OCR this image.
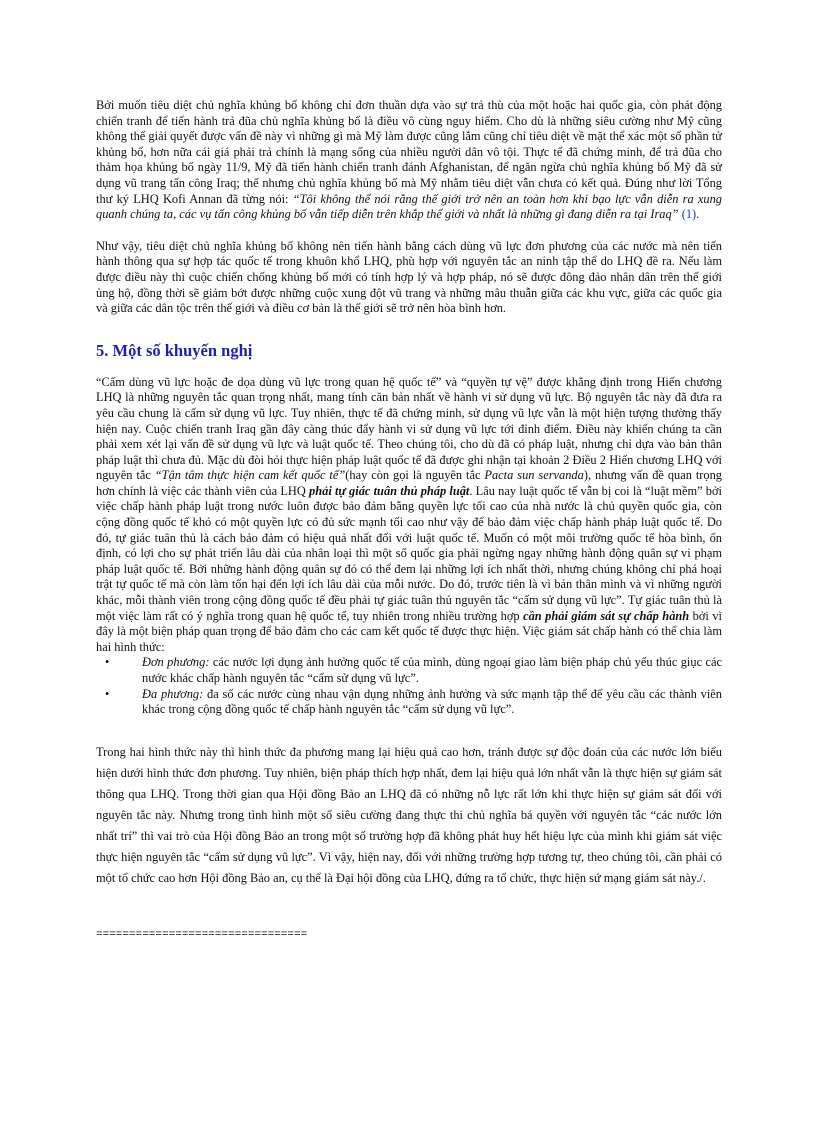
Bởi muốn tiêu diệt chủ nghĩa khủng bố không chỉ đơn thuần dựa vào sự trả thù của một hoặc hai quốc gia, còn phát động chiến tranh để tiến hành trả đũa chủ nghĩa khủng bố là điều vô cùng nguy hiểm. Cho dù là những siêu cường như Mỹ cũng không thể giải quyết được vấn đề này vì những gì mà Mỹ làm được cũng lắm cũng chỉ tiêu diệt về mặt thể xác một số phần tử khủng bố, hơn nữa cái giá phải trả chính là mạng sống của nhiều người dân vô tội. Thực tế đã chứng minh, để trả đũa cho thảm họa khủng bố ngày 11/9, Mỹ đã tiến hành chiến tranh đánh Afghanistan, để ngăn ngừa chủ nghĩa khủng bố Mỹ đã sử dụng vũ trang tấn công Iraq; thế nhưng chủ nghĩa khủng bố mà Mỹ nhằm tiêu diệt vẫn chưa có kết quả. Đúng như lời Tổng thư ký LHQ Kofi Annan đã từng nói: “Tôi không thể nói rằng thế giới trở nên an toàn hơn khi bạo lực vẫn diễn ra xung quanh chúng ta, các vụ tấn công khủng bố vẫn tiếp diễn trên khắp thế giới và nhất là những gì đang diễn ra tại Iraq” (1).

Như vậy, tiêu diệt chủ nghĩa khủng bố không nên tiến hành bằng cách dùng vũ lực đơn phương của các nước mà nên tiến hành thông qua sự hợp tác quốc tế trong khuôn khổ LHQ, phù hợp với nguyên tắc an ninh tập thể do LHQ đề ra. Nếu làm được điều này thì cuộc chiến chống khủng bố mới có tính hợp lý và hợp pháp, nó sẽ được đông đảo nhân dân trên thế giới ủng hộ, đồng thời sẽ giảm bớt được những cuộc xung đột vũ trang và những mâu thuẫn giữa các khu vực, giữa các quốc gia và giữa các dân tộc trên thế giới và điều cơ bản là thế giới sẽ trở nên hòa bình hơn.

5. Một số khuyến nghị

“Cấm dùng vũ lực hoặc đe dọa dùng vũ lực trong quan hệ quốc tế” và “quyền tự vệ” được khẳng định trong Hiến chương LHQ là những nguyên tắc quan trọng nhất, mang tính căn bản nhất về hành vi sử dụng vũ lực. Bộ nguyên tắc này đã đưa ra yêu cầu chung là cấm sử dụng vũ lực. Tuy nhiên, thực tế đã chứng minh, sử dụng vũ lực vẫn là một hiện tượng thường thấy hiện nay. Cuộc chiến tranh Iraq gần đây càng thúc đẩy hành vi sử dụng vũ lực tới đỉnh điểm. Điều này khiến chúng ta cần phải xem xét lại vấn đề sử dụng vũ lực và luật quốc tế. Theo chúng tôi, cho dù đã có pháp luật, nhưng chỉ dựa vào bản thân pháp luật thì chưa đủ. Mặc dù đòi hỏi thực hiện pháp luật quốc tế đã được ghi nhận tại khoản 2 Điều 2 Hiến chương LHQ với nguyên tắc “Tận tâm thực hiện cam kết quốc tế”(hay còn gọi là nguyên tắc Pacta sun servanda), nhưng vấn đề quan trọng hơn chính là việc các thành viên của LHQ phải tự giác tuân thủ pháp luật. Lâu nay luật quốc tế vẫn bị coi là “luật mềm” bởi việc chấp hành pháp luật trong nước luôn được bảo đảm bằng quyền lực tối cao của nhà nước là chủ quyền quốc gia, còn cộng đồng quốc tế khó có một quyền lực có đủ sức mạnh tối cao như vậy để bảo đảm việc chấp hành pháp luật quốc tế. Do đó, tự giác tuân thủ là cách bảo đảm có hiệu quả nhất đối với luật quốc tế. Muốn có một môi trường quốc tế hòa bình, ổn định, có lợi cho sự phát triển lâu dài của nhân loại thì một số quốc gia phải ngừng ngay những hành động quân sự vi phạm pháp luật quốc tế. Bởi những hành động quân sự đó có thể đem lại những lợi ích nhất thời, nhưng chúng không chỉ phá hoại trật tự quốc tế mà còn làm tổn hại đến lợi ích lâu dài của mỗi nước. Do đó, trước tiên là vì bản thân mình và vì những người khác, mỗi thành viên trong cộng đồng quốc tế đều phải tự giác tuân thủ nguyên tắc “cấm sử dụng vũ lực”. Tự giác tuân thủ là một việc làm rất có ý nghĩa trong quan hệ quốc tế, tuy nhiên trong nhiều trường hợp cần phải giám sát sự chấp hành bởi vì đây là một biện pháp quan trọng để bảo đảm cho các cam kết quốc tế được thực hiện. Việc giám sát chấp hành có thể chia làm hai hình thức:

•	Đơn phương: các nước lợi dụng ảnh hưởng quốc tế của mình, dùng ngoại giao làm biện pháp chủ yếu thúc giục các nước khác chấp hành nguyên tắc “cấm sử dụng vũ lực”.
•	Đa phương: đa số các nước cùng nhau vận dụng những ảnh hưởng và sức mạnh tập thể để yêu cầu các thành viên khác trong cộng đồng quốc tế chấp hành nguyên tắc “cấm sử dụng vũ lực”.

Trong hai hình thức này thì hình thức đa phương mang lại hiệu quả cao hơn, tránh được sự độc đoán của các nước lớn biểu hiện dưới hình thức đơn phương. Tuy nhiên, biện pháp thích hợp nhất, đem lại hiệu quả lớn nhất vẫn là thực hiện sự giám sát thông qua LHQ. Trong thời gian qua Hội đồng Bảo an LHQ đã có những nỗ lực rất lớn khi thực hiện sự giám sát đối với nguyên tắc này. Nhưng trong tình hình một số siêu cường đang thực thi chủ nghĩa bá quyền với nguyên tắc “các nước lớn nhất trí” thì vai trò của Hội đồng Bảo an trong một số trường hợp đã không phát huy hết hiệu lực của mình khi giám sát việc thực hiện nguyên tắc “cấm sử dụng vũ lực”. Vì vậy, hiện nay, đối với những trường hợp tương tự, theo chúng tôi, cần phải có một tổ chức cao hơn Hội đồng Bảo an, cụ thể là Đại hội đồng của LHQ, đứng ra tổ chức, thực hiện sứ mạng giám sát này./.

================================
